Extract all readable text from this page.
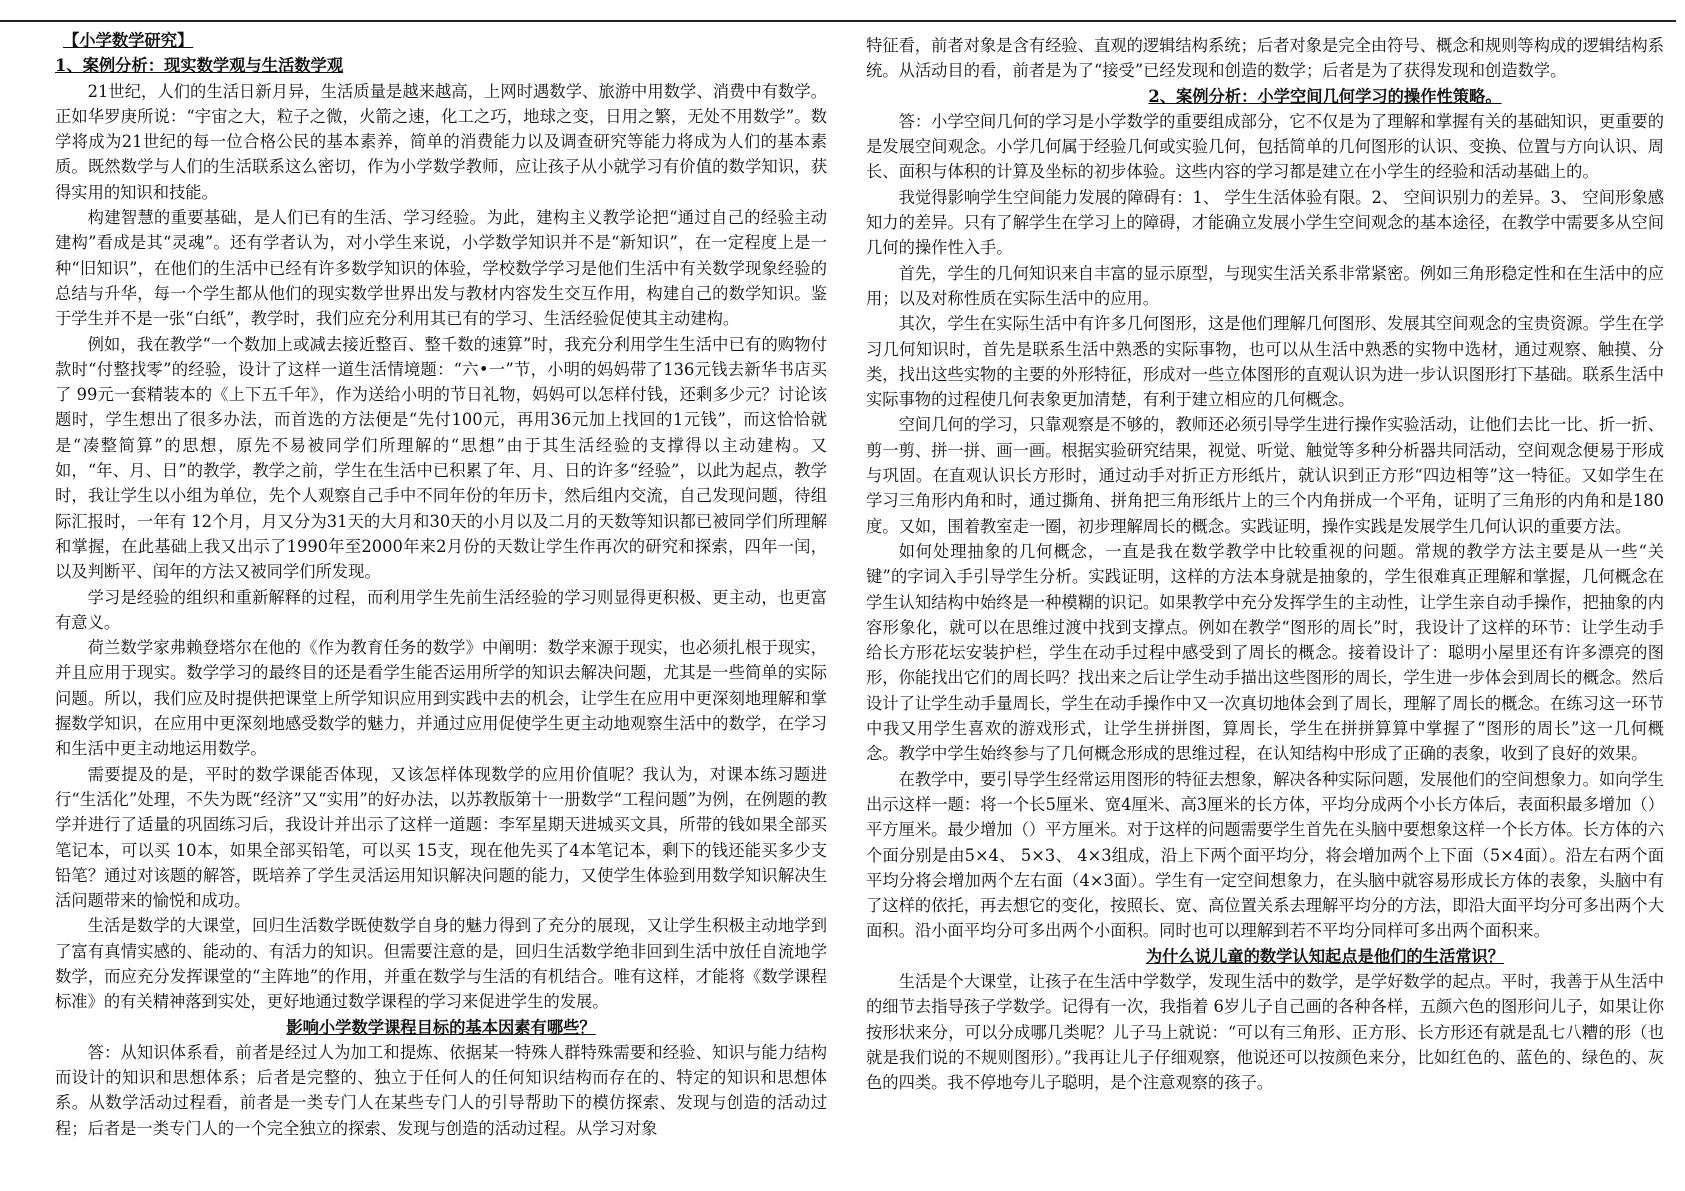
【小学数学研究】
1、案例分析：现实数学观与生活数学观

21世纪，人们的生活日新月异，生活质量是越来越高，上网时遇数学、旅游中用数学、消费中有数学。正如华罗庚所说：“宇宙之大，粒子之微，火箭之速，化工之巧，地球之变，日用之繁，无处不用数学”。数学将成为21世纪的每一位合格公民的基本素养，简单的消费能力以及调查研究等能力将成为人们的基本素质。既然数学与人们的生活联系这么密切，作为小学数学教师，应让孩子从小就学习有价值的数学知识，获得实用的知识和技能。

构建智慧的重要基础，是人们已有的生活、学习经验。为此，建构主义教学论把“通过自己的经验主动建构”看成是其“灵魂”。还有学者认为，对小学生来说，小学数学知识并不是“新知识”，在一定程度上是一种“旧知识”，在他们的生活中已经有许多数学知识的体验，学校数学学习是他们生活中有关数学现象经验的总结与升华，每一个学生都从他们的现实数学世界出发与教材内容发生交互作用，构建自己的数学知识。鉴于学生并不是一张“白纸”，教学时，我们应充分利用其已有的学习、生活经验促使其主动建构。

例如，我在教学“一个数加上或减去接近整百、整千数的速算”时，我充分利用学生生活中已有的购物付款时“付整找零”的经验，设计了这样一道生活情境题：“六•一”节，小明的妈妈带了136元钱去新华书店买了 99元一套精装本的《上下五千年》，作为送给小明的节日礼物，妈妈可以怎样付钱，还剩多少元？讨论该题时，学生想出了很多办法，而首选的方法便是“先付100元，再用36元加上找回的1元钱”，而这恰恰就是“凑整简算”的思想，原先不易被同学们所理解的“思想”由于其生活经验的支撑得以主动建构。又如，“年、月、日”的教学，教学之前，学生在生活中已积累了年、月、日的许多“经验”，以此为起点，教学时，我让学生以小组为单位，先个人观察自己手中不同年份的年历卡，然后组内交流，自己发现问题，待组际汇报时，一年有 12个月，月又分为31天的大月和30天的小月以及二月的天数等知识都已被同学们所理解和掌握，在此基础上我又出示了1990年至2000年来2月份的天数让学生作再次的研究和探索，四年一闰，以及判断平、闰年的方法又被同学们所发现。

学习是经验的组织和重新解释的过程，而利用学生先前生活经验的学习则显得更积极、更主动，也更富有意义。

荷兰数学家弗赖登塔尔在他的《作为教育任务的数学》中阐明：数学来源于现实，也必须扎根于现实，并且应用于现实。数学学习的最终目的还是看学生能否运用所学的知识去解决问题，尤其是一些简单的实际问题。所以，我们应及时提供把课堂上所学知识应用到实践中去的机会，让学生在应用中更深刻地理解和掌握数学知识，在应用中更深刻地感受数学的魅力，并通过应用促使学生更主动地观察生活中的数学，在学习和生活中更主动地运用数学。

需要提及的是，平时的数学课能否体现，又该怎样体现数学的应用价值呢？我认为，对课本练习题进行“生活化”处理，不失为既“经济”又“实用”的好办法，以苏教版第十一册数学“工程问题”为例，在例题的教学并进行了适量的巩固练习后，我设计并出示了这样一道题：李军星期天进城买文具，所带的钱如果全部买笔记本，可以买 10本，如果全部买铅笔，可以买 15支，现在他先买了4本笔记本，剩下的钱还能买多少支铅笔？通过对该题的解答，既培养了学生灵活运用知识解决问题的能力，又使学生体验到用数学知识解决生活问题带来的愉悦和成功。

生活是数学的大课堂，回归生活数学既使数学自身的魅力得到了充分的展现，又让学生积极主动地学到了富有真情实感的、能动的、有活力的知识。但需要注意的是，回归生活数学绝非回到生活中放任自流地学数学，而应充分发挥课堂的“主阵地”的作用，并重在数学与生活的有机结合。唯有这样，才能将《数学课程标准》的有关精神落到实处，更好地通过数学课程的学习来促进学生的发展。

影响小学数学课程目标的基本因素有哪些？

答：从知识体系看，前者是经过人为加工和提炼、依据某一特殊人群特殊需要和经验、知识与能力结构而设计的知识和思想体系；后者是完整的、独立于任何人的任何知识结构而存在的、特定的知识和思想体系。从数学活动过程看，前者是一类专门人在某些专门人的引导帮助下的模仿探索、发现与创造的活动过程；后者是一类专门人的一个完全独立的探索、发现与创造的活动过程。从学习对象

特征看，前者对象是含有经验、直观的逻辑结构系统；后者对象是完全由符号、概念和规则等构成的逻辑结构系统。从活动目的看，前者是为了“接受”已经发现和创造的数学；后者是为了获得发现和创造数学。

2、案例分析：小学空间几何学习的操作性策略。

答：小学空间几何的学习是小学数学的重要组成部分，它不仅是为了理解和掌握有关的基础知识，更重要的是发展空间观念。小学几何属于经验几何或实验几何，包括简单的几何图形的认识、变换、位置与方向认识、周长、面积与体积的计算及坐标的初步体验。这些内容的学习都是建立在小学生的经验和活动基础上的。

我觉得影响学生空间能力发展的障碍有：1、 学生生活体验有限。2、 空间识别力的差异。3、 空间形象感知力的差异。只有了解学生在学习上的障碍，才能确立发展小学生空间观念的基本途径，在教学中需要多从空间几何的操作性入手。

首先，学生的几何知识来自丰富的显示原型，与现实生活关系非常紧密。例如三角形稳定性和在生活中的应用；以及对称性质在实际生活中的应用。

其次，学生在实际生活中有许多几何图形，这是他们理解几何图形、发展其空间观念的宝贵资源。学生在学习几何知识时，首先是联系生活中熟悉的实际事物，也可以从生活中熟悉的实物中选材，通过观察、触摸、分类，找出这些实物的主要的外形特征，形成对一些立体图形的直观认识为进一步认识图形打下基础。联系生活中实际事物的过程使几何表象更加清楚，有利于建立相应的几何概念。

空间几何的学习，只靠观察是不够的，教师还必须引导学生进行操作实验活动，让他们去比一比、折一折、剪一剪、拼一拼、画一画。根据实验研究结果，视觉、听觉、触觉等多种分析器共同活动，空间观念便易于形成与巩固。在直观认识长方形时，通过动手对折正方形纸片，就认识到正方形“四边相等”这一特征。又如学生在学习三角形内角和时，通过撕角、拼角把三角形纸片上的三个内角拼成一个平角，证明了三角形的内角和是180度。又如，围着教室走一圈，初步理解周长的概念。实践证明，操作实践是发展学生几何认识的重要方法。

如何处理抽象的几何概念，一直是我在数学教学中比较重视的问题。常规的教学方法主要是从一些“关键”的字词入手引导学生分析。实践证明，这样的方法本身就是抽象的，学生很难真正理解和掌握，几何概念在学生认知结构中始终是一种模糊的识记。如果教学中充分发挥学生的主动性，让学生亲自动手操作，把抽象的内容形象化，就可以在思维过渡中找到支撑点。例如在教学“图形的周长”时，我设计了这样的环节：让学生动手给长方形花坛安装护栏，学生在动手过程中感受到了周长的概念。接着设计了：聪明小屋里还有许多漂亮的图形，你能找出它们的周长吗？找出来之后让学生动手描出这些图形的周长，学生进一步体会到周长的概念。然后设计了让学生动手量周长，学生在动手操作中又一次真切地体会到了周长，理解了周长的概念。在练习这一环节中我又用学生喜欢的游戏形式，让学生拼拼图，算周长，学生在拼拼算算中掌握了“图形的周长”这一几何概念。教学中学生始终参与了几何概念形成的思维过程，在认知结构中形成了正确的表象，收到了良好的效果。

在教学中，要引导学生经常运用图形的特征去想象，解决各种实际问题，发展他们的空间想象力。如向学生出示这样一题：将一个长5厘米、宽4厘米、高3厘米的长方体，平均分成两个小长方体后，表面积最多增加（）平方厘米。最少增加（）平方厘米。对于这样的问题需要学生首先在头脑中要想象这样一个长方体。长方体的六个面分别是由5×4、 5×3、 4×3组成，沿上下两个面平均分，将会增加两个上下面（5×4面）。沿左右两个面平均分将会增加两个左右面（4×3面）。学生有一定空间想象力，在头脑中就容易形成长方体的表象，头脑中有了这样的依托，再去想它的变化，按照长、宽、高位置关系去理解平均分的方法，即沿大面平均分可多出两个大面积。沿小面平均分可多出两个小面积。同时也可以理解到若不平均分同样可多出两个面积来。

为什么说儿童的数学认知起点是他们的生活常识？

生活是个大课堂，让孩子在生活中学数学，发现生活中的数学，是学好数学的起点。平时，我善于从生活中的细节去指导孩子学数学。记得有一次，我指着 6岁儿子自己画的各种各样，五颜六色的图形问儿子，如果让你按形状来分，可以分成哪几类呢？儿子马上就说：“可以有三角形、正方形、长方形还有就是乱七八糟的形（也就是我们说的不规则图形）。”我再让儿子仔细观察，他说还可以按颜色来分，比如红色的、蓝色的、绿色的、灰色的四类。我不停地夸儿子聪明，是个注意观察的孩子。
